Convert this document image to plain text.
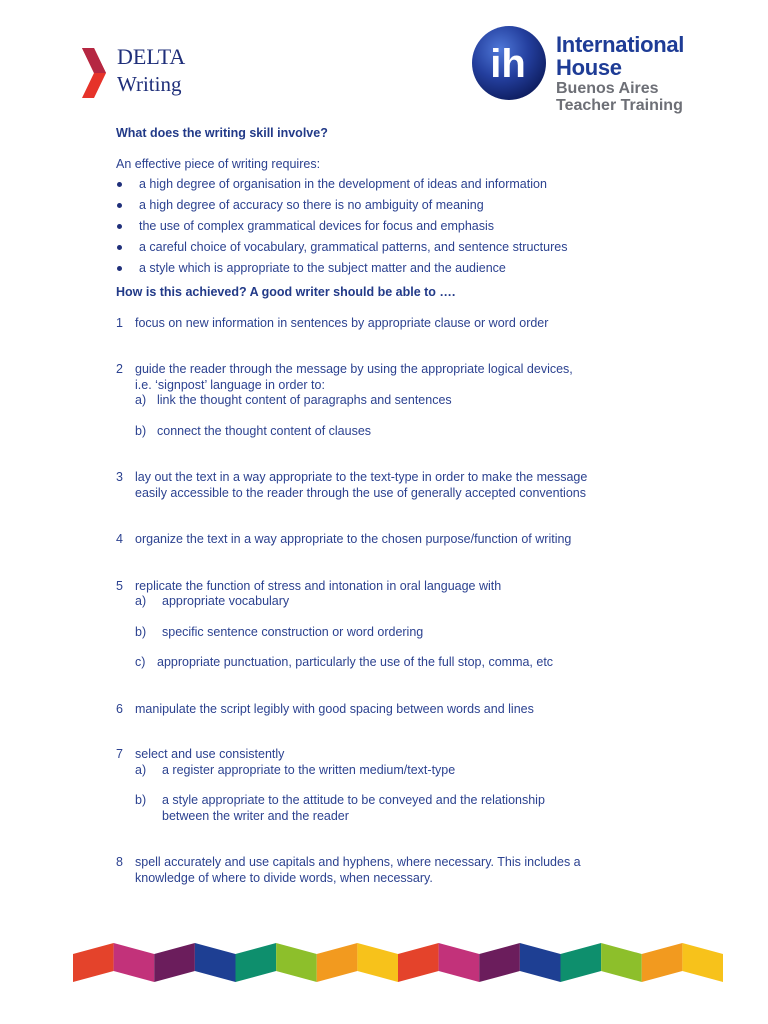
DELTA
Writing	ih International
House
Buenos Aires
Teacher Training
What does the writing skill involve?
An effective piece of writing requires:
a high degree of organisation in the development of ideas and information
a high degree of accuracy so there is no ambiguity of meaning
the use of complex grammatical devices for focus and emphasis
a careful choice of vocabulary, grammatical patterns, and sentence structures
a style which is appropriate to the subject matter and the audience
How is this achieved? A good writer should be able to ….
1 focus on new information in sentences by appropriate clause or word order
2 guide the reader through the message by using the appropriate logical devices,
i.e. ‘signpost’ language in order to:
a) link the thought content of paragraphs and sentences
b) connect the thought content of clauses
3 lay out the text in a way appropriate to the text-type in order to make the message
easily accessible to the reader through the use of generally accepted conventions
4 organize the text in a way appropriate to the chosen purpose/function of writing
5 replicate the function of stress and intonation in oral language with
a) appropriate vocabulary
b) specific sentence construction or word ordering
c) appropriate punctuation, particularly the use of the full stop, comma, etc
6 manipulate the script legibly with good spacing between words and lines
7 select and use consistently
a) a register appropriate to the written medium/text-type
b) a style appropriate to the attitude to be conveyed and the relationship
between the writer and the reader
8 spell accurately and use capitals and hyphens, where necessary. This includes a
knowledge of where to divide words, when necessary.
